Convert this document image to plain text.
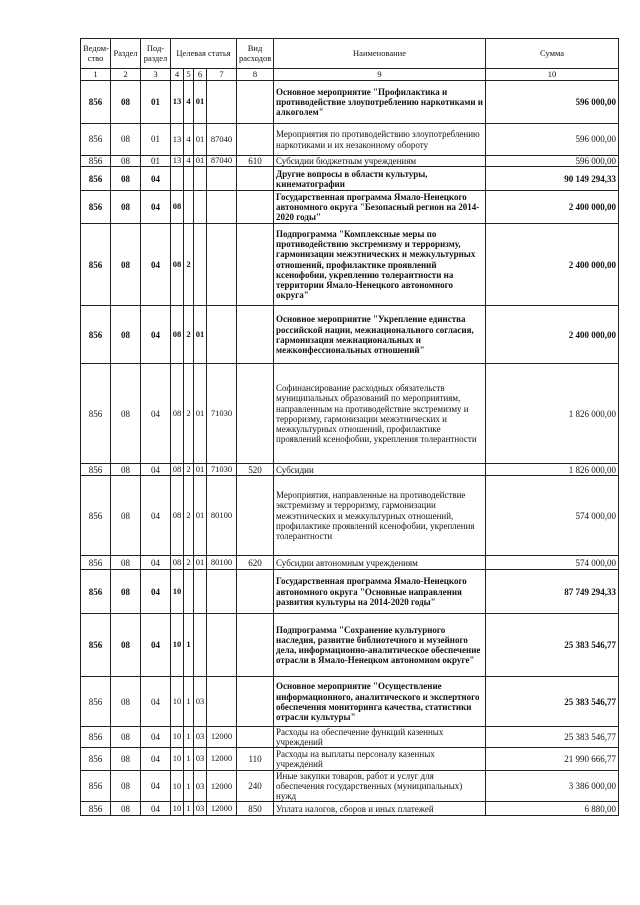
Ведом-ство	Раздел	Под-раздел	Целевая статья				Вид расходов	Наименование	Сумма
1	2	3	4	5	6	7	8	9	10
856	08	01	13	4	01			Основное мероприятие "Профилактика и противодействие злоупотреблению наркотиками и алкоголем"	596 000,00
856	08	01	13	4	01	87040		Мероприятия по противодействию злоупотреблению наркотиками и их незаконному обороту	596 000,00
856	08	01	13	4	01	87040	610	Субсидии бюджетным учреждениям	596 000,00
856	08	04						Другие вопросы в области культуры, кинематографии	90 149 294,33
856	08	04	08					Государственная программа Ямало-Ненецкого автономного округа "Безопасный регион на 2014-2020 годы"	2 400 000,00
856	08	04	08	2				Подпрограмма "Комплексные меры по противодействию экстремизму и терроризму, гармонизации межэтнических и межкультурных отношений, профилактике проявлений ксенофобии, укреплению толерантности на территории Ямало-Ненецкого автономного округа"	2 400 000,00
856	08	04	08	2	01			Основное мероприятие "Укрепление единства российской нации, межнационального согласия, гармонизация межнациональных и межконфессиональных отношений"	2 400 000,00
856	08	04	08	2	01	71030		Софинансирование расходных обязательств муниципальных образований по мероприятиям, направленным на противодействие экстремизму и терроризму, гармонизации межэтнических и межкультурных отношений, профилактике проявлений ксенофобии, укрепления толерантности	1 826 000,00
856	08	04	08	2	01	71030	520	Субсидии	1 826 000,00
856	08	04	08	2	01	80100		Мероприятия, направленные на противодействие экстремизму и терроризму, гармонизации межэтнических и межкультурных отношений, профилактике проявлений ксенофобии, укрепления толерантности	574 000,00
856	08	04	08	2	01	80100	620	Субсидии автономным учреждениям	574 000,00
856	08	04	10					Государственная программа Ямало-Ненецкого автономного округа "Основные направления развития культуры на 2014-2020 годы"	87 749 294,33
856	08	04	10	1				Подпрограмма "Сохранение культурного наследия, развитие библиотечного и музейного дела, информационно-аналитическое обеспечение отрасли в Ямало-Ненецком автономном округе"	25 383 546,77
856	08	04	10	1	03			Основное мероприятие "Осуществление информационного, аналитического и экспертного обеспечения мониторинга качества, статистики отрасли культуры"	25 383 546,77
856	08	04	10	1	03	12000		Расходы на обеспечение функций казенных учреждений	25 383 546,77
856	08	04	10	1	03	12000	110	Расходы на выплаты персоналу казенных учреждений	21 990 666,77
856	08	04	10	1	03	12000	240	Иные закупки товаров, работ и услуг для обеспечения государственных (муниципальных) нужд	3 386 000,00
856	08	04	10	1	03	12000	850	Уплата налогов, сборов и иных платежей	6 880,00
